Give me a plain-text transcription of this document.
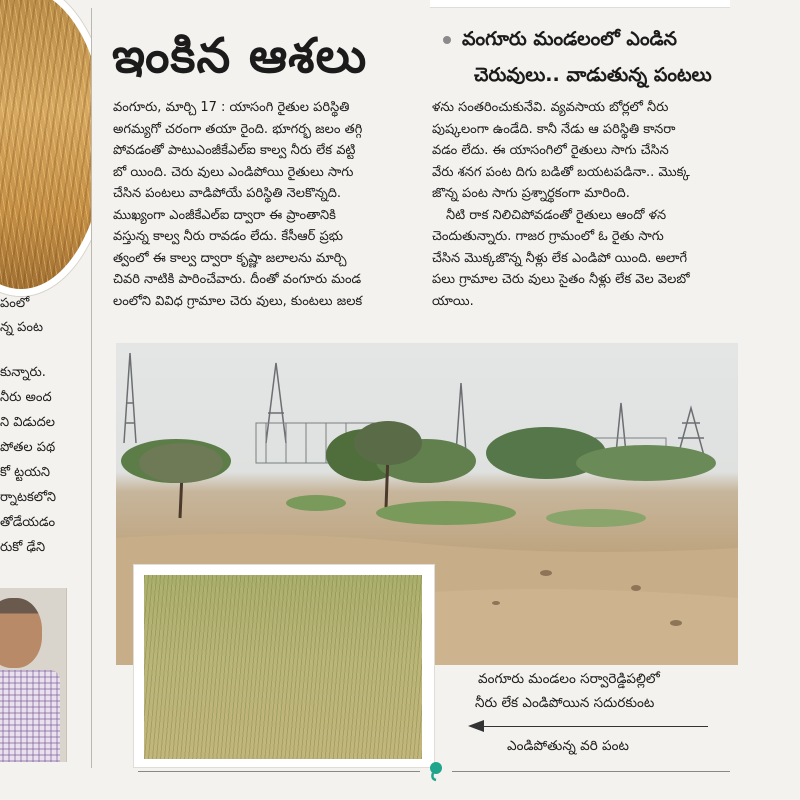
పంలో
న్న పంట
కున్నారు.
నీరు అంద
ని విడుదల
పోతల పథ
కో ట్టయని
ర్నాటకలోని
తోడేయడం
రుకో ఢేని
ఇంకిన ఆశలు	వంగూరు మండలంలో ఎండిన
చెరువులు.. వాడుతున్న పంటలు
వంగూరు, మార్చి 17 : యాసంగి రైతుల పరిస్థితి
అగమ్యగో చరంగా తయా రైంది. భూగర్భ జలం తగ్గి
పోవడంతో పాటుఎంజీకేఎల్ఐ కాల్వ నీరు లేక వట్టి
బో యింది. చెరు వులు ఎండిపోయి రైతులు సాగు
చేసిన పంటలు వాడిపోయే పరిస్థితి నెలకొన్నది.
ముఖ్యంగా ఎంజీకేఎల్ఐ ద్వారా ఈ ప్రాంతానికి
వస్తున్న కాల్వ నీరు రావడం లేదు. కేసీఆర్ ప్రభు
త్వంలో ఈ కాల్వ ద్వారా కృష్ణా జలాలను మార్చి
చివరి నాటికి పారించేవారు. దీంతో వంగూరు మండ
లంలోని వివిధ గ్రామాల చెరు వులు, కుంటలు జలక
ళను సంతరించుకునేవి. వ్యవసాయ బోర్లలో నీరు
పుష్కలంగా ఉండేది. కానీ నేడు ఆ పరిస్థితి కానరా
వడం లేదు. ఈ యాసంగిలో రైతులు సాగు చేసిన
వేరు శనగ పంట దిగు బడితో బయటపడినా.. మొక్క
జొన్న పంట సాగు ప్రశ్నార్థకంగా మారింది.
నీటి రాక నిలిచిపోవడంతో రైతులు ఆందో ళన
చెందుతున్నారు. గాజర గ్రామంలో ఓ రైతు సాగు
చేసిన మొక్కజొన్న నీళ్లు లేక ఎండిపో యింది. అలాగే
పలు గ్రామాల చెరు వులు సైతం నీళ్లు లేక వెల వెలబో
యాయి.
వంగూరు మండలం సర్వారెడ్డిపల్లిలో
నీరు లేక ఎండిపోయిన సదురకుంట
ఎండిపోతున్న వరి పంట
